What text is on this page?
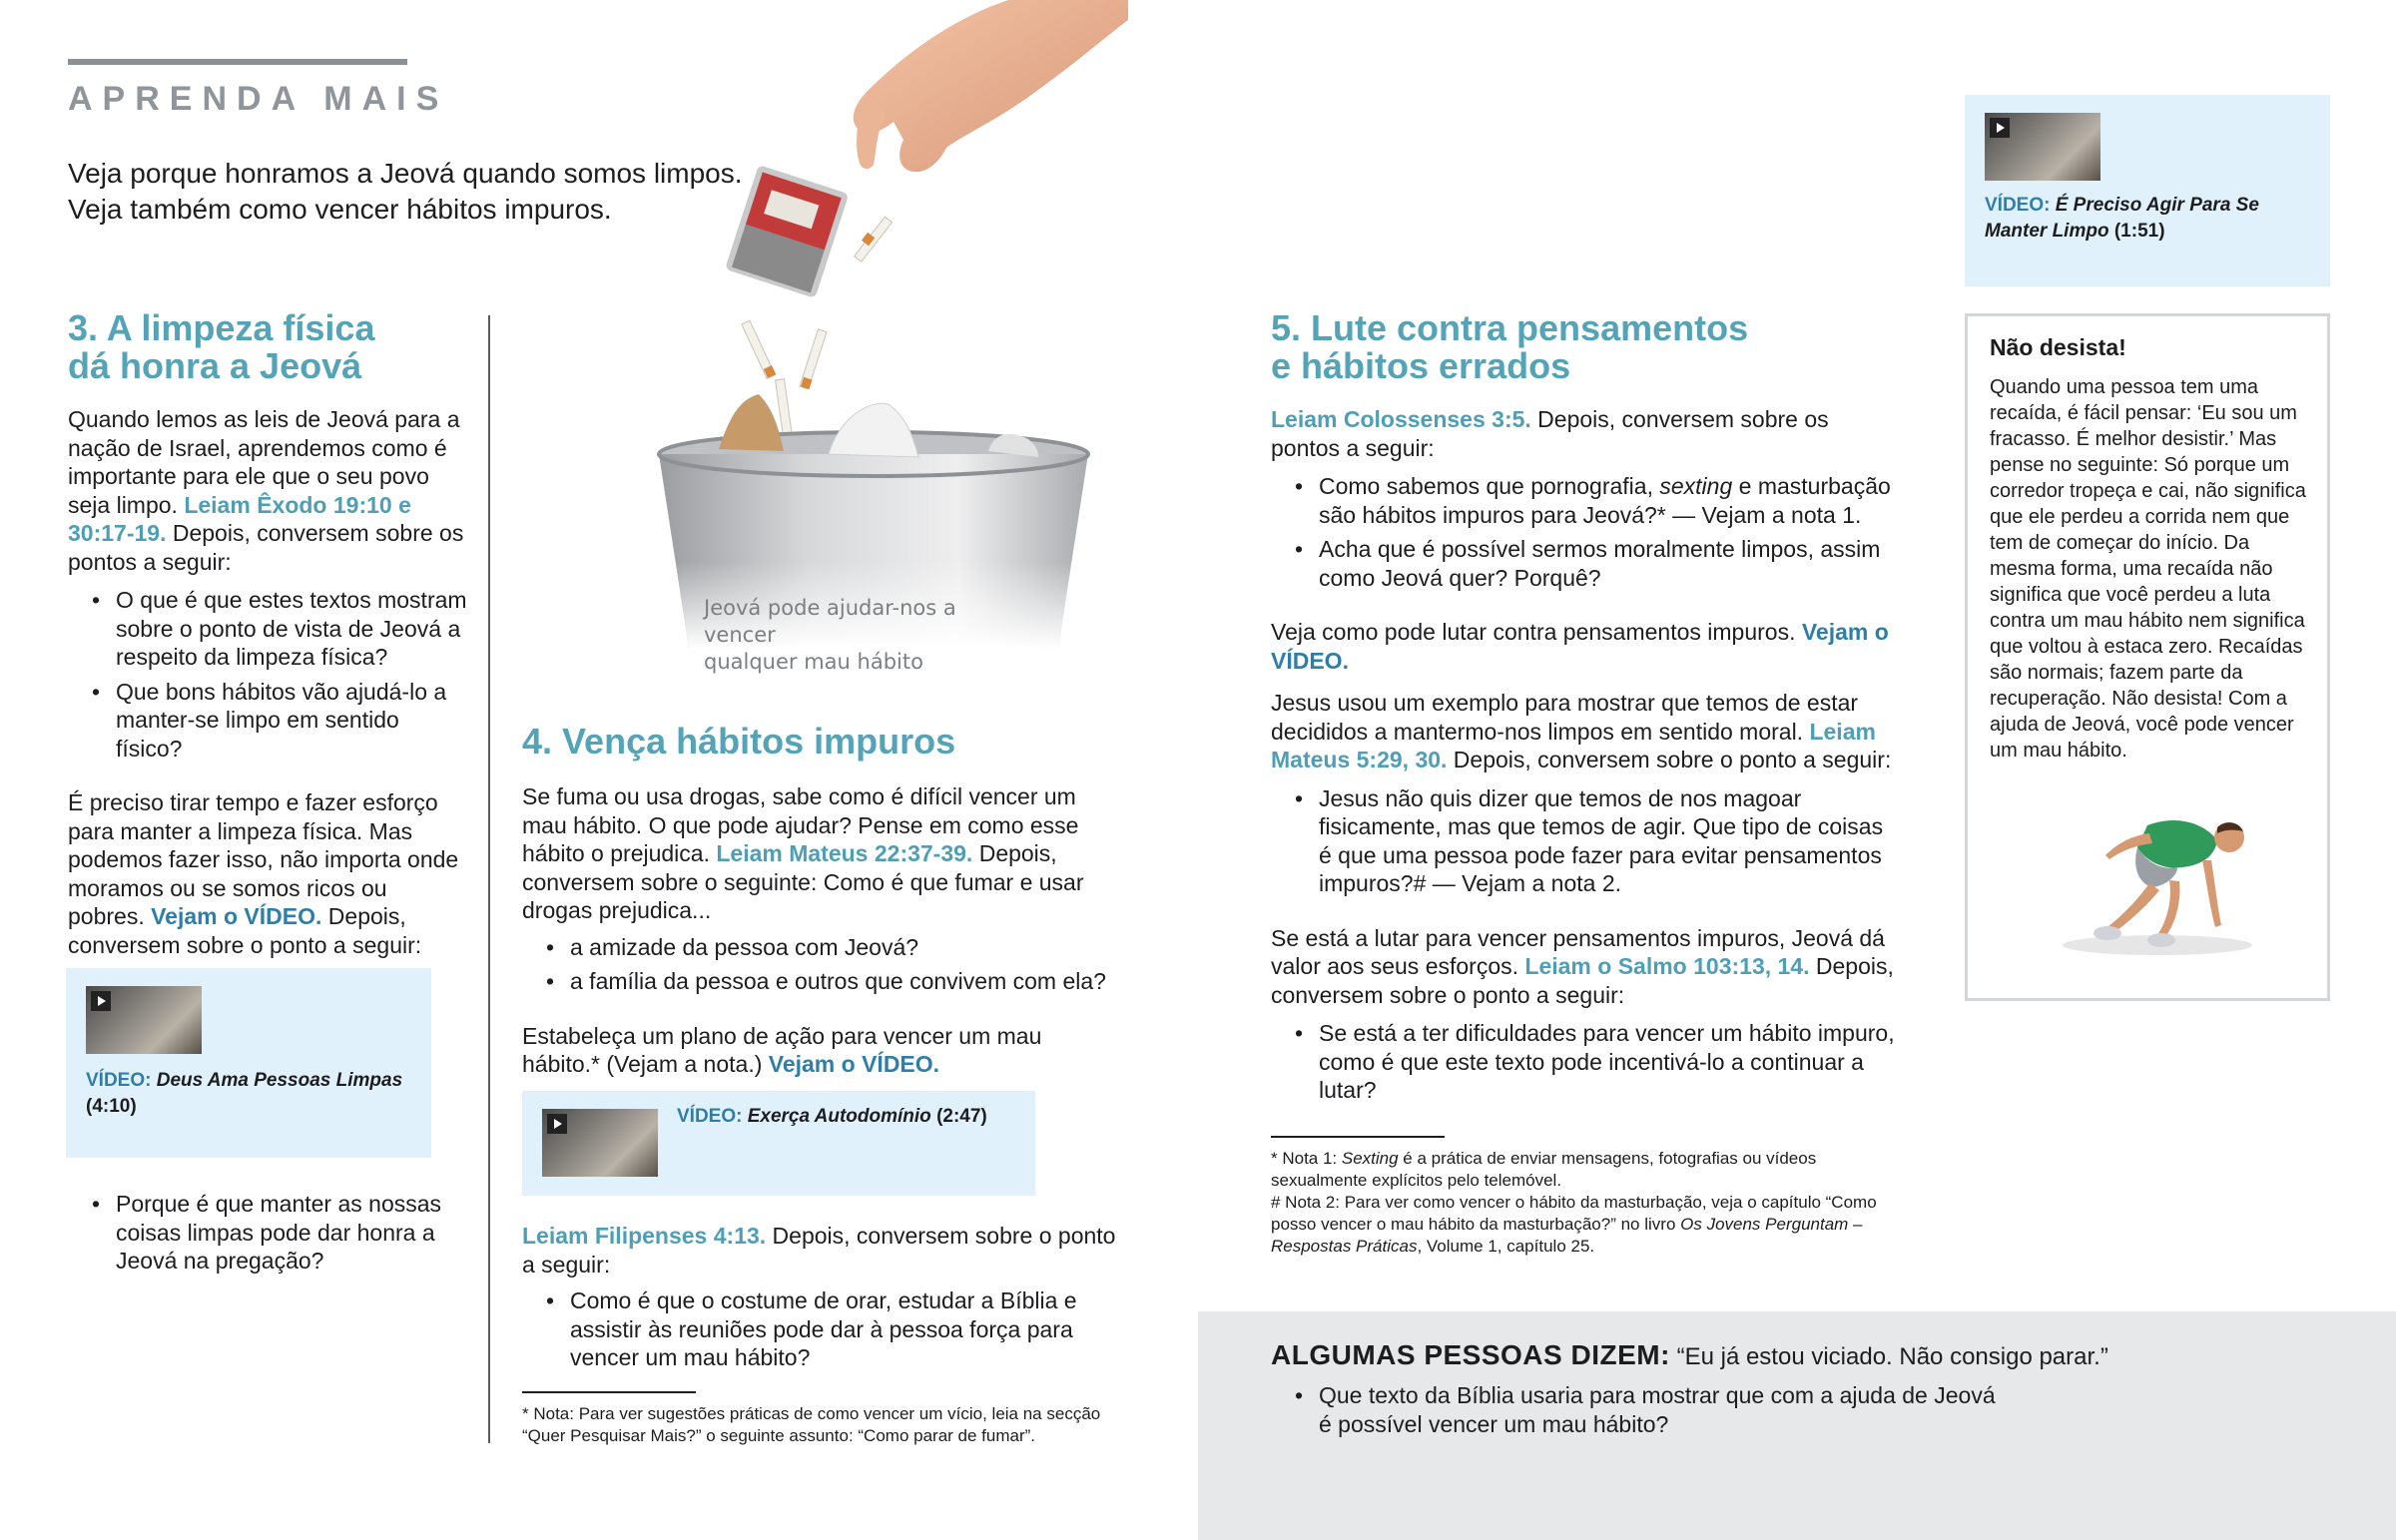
APRENDA MAIS
Veja porque honramos a Jeová quando somos limpos.
Veja também como vencer hábitos impuros.
Jeová pode ajudar-nos a vencer
qualquer mau hábito
3. A limpeza física
dá honra a Jeová

Quando lemos as leis de Jeová para a nação de Israel, aprendemos como é importante para ele que o seu povo seja limpo. Leiam Êxodo 19:10 e 30:17-19. Depois, conversem sobre os pontos a seguir:

• O que é que estes textos mostram sobre o ponto de vista de Jeová a respeito da limpeza física?
• Que bons hábitos vão ajudá-lo a manter-se limpo em sentido físico?

É preciso tirar tempo e fazer esforço para manter a limpeza física. Mas podemos fazer isso, não importa onde moramos ou se somos ricos ou pobres. Vejam o VÍDEO. Depois, conversem sobre o ponto a seguir:

VÍDEO: Deus Ama Pessoas Limpas
(4:10)
• Porque é que manter as nossas coisas limpas pode dar honra a Jeová na pregação?
4. Vença hábitos impuros

Se fuma ou usa drogas, sabe como é difícil vencer um mau hábito. O que pode ajudar? Pense em como esse hábito o prejudica. Leiam Mateus 22:37-39. Depois, conversem sobre o seguinte: Como é que fumar e usar drogas prejudica...

• a amizade da pessoa com Jeová?
• a família da pessoa e outros que convivem com ela?

Estabeleça um plano de ação para vencer um mau hábito.* (Vejam a nota.) Vejam o VÍDEO.

VÍDEO: Exerça Autodomínio (2:47)

Leiam Filipenses 4:13. Depois, conversem sobre o ponto a seguir:

• Como é que o costume de orar, estudar a Bíblia e assistir às reuniões pode dar à pessoa força para vencer um mau hábito?
* Nota: Para ver sugestões práticas de como vencer um vício, leia na secção “Quer Pesquisar Mais?” o seguinte assunto: “Como parar de fumar”.
5. Lute contra pensamentos
e hábitos errados

Leiam Colossenses 3:5. Depois, conversem sobre os pontos a seguir:

• Como sabemos que pornografia, sexting e masturbação são hábitos impuros para Jeová?* — Vejam a nota 1.
• Acha que é possível sermos moralmente limpos, assim como Jeová quer? Porquê?

Veja como pode lutar contra pensamentos impuros. Vejam o VÍDEO.

Jesus usou um exemplo para mostrar que temos de estar decididos a mantermo-nos limpos em sentido moral. Leiam Mateus 5:29, 30. Depois, conversem sobre o ponto a seguir:

• Jesus não quis dizer que temos de nos magoar fisicamente, mas que temos de agir. Que tipo de coisas é que uma pessoa pode fazer para evitar pensamentos impuros?# — Vejam a nota 2.

Se está a lutar para vencer pensamentos impuros, Jeová dá valor aos seus esforços. Leiam o Salmo 103:13, 14. Depois, conversem sobre o ponto a seguir:

• Se está a ter dificuldades para vencer um hábito impuro, como é que este texto pode incentivá-lo a continuar a lutar?
* Nota 1: Sexting é a prática de enviar mensagens, fotografias ou vídeos sexualmente explícitos pelo telemóvel.
# Nota 2: Para ver como vencer o hábito da masturbação, veja o capítulo “Como posso vencer o mau hábito da masturbação?” no livro Os Jovens Perguntam – Respostas Práticas, Volume 1, capítulo 25.
VÍDEO: É Preciso Agir Para Se Manter Limpo (1:51)
Não desista!
Quando uma pessoa tem uma recaída, é fácil pensar: ‘Eu sou um fracasso. É melhor desistir.’ Mas pense no seguinte: Só porque um corredor tropeça e cai, não significa que ele perdeu a corrida nem que tem de começar do início. Da mesma forma, uma recaída não significa que você perdeu a luta contra um mau hábito nem significa que voltou à estaca zero. Recaídas são normais; fazem parte da recuperação. Não desista! Com a ajuda de Jeová, você pode vencer um mau hábito.
ALGUMAS PESSOAS DIZEM: “Eu já estou viciado. Não consigo parar.”
• Que texto da Bíblia usaria para mostrar que com a ajuda de Jeová é possível vencer um mau hábito?
